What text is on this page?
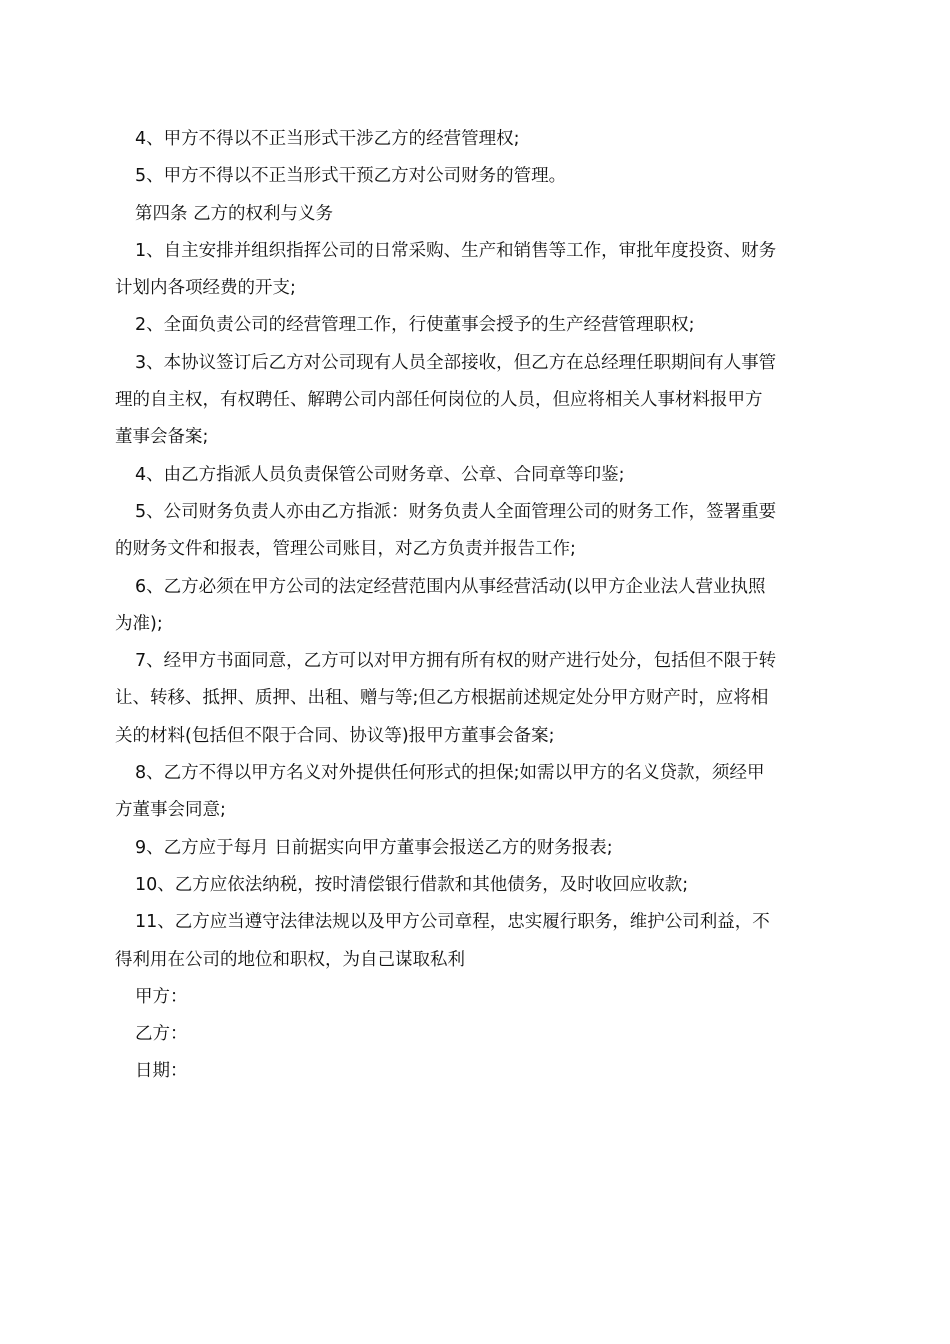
4、甲方不得以不正当形式干涉乙方的经营管理权;
5、甲方不得以不正当形式干预乙方对公司财务的管理。
第四条 乙方的权利与义务
1、自主安排并组织指挥公司的日常采购、生产和销售等工作，审批年度投资、财务
计划内各项经费的开支;
2、全面负责公司的经营管理工作，行使董事会授予的生产经营管理职权;
3、本协议签订后乙方对公司现有人员全部接收，但乙方在总经理任职期间有人事管
理的自主权，有权聘任、解聘公司内部任何岗位的人员，但应将相关人事材料报甲方
董事会备案;
4、由乙方指派人员负责保管公司财务章、公章、合同章等印鉴;
5、公司财务负责人亦由乙方指派：财务负责人全面管理公司的财务工作，签署重要
的财务文件和报表，管理公司账目，对乙方负责并报告工作;
6、乙方必须在甲方公司的法定经营范围内从事经营活动(以甲方企业法人营业执照
为准);
7、经甲方书面同意，乙方可以对甲方拥有所有权的财产进行处分，包括但不限于转
让、转移、抵押、质押、出租、赠与等;但乙方根据前述规定处分甲方财产时，应将相
关的材料(包括但不限于合同、协议等)报甲方董事会备案;
8、乙方不得以甲方名义对外提供任何形式的担保;如需以甲方的名义贷款，须经甲
方董事会同意;
9、乙方应于每月 日前据实向甲方董事会报送乙方的财务报表;
10、乙方应依法纳税，按时清偿银行借款和其他债务，及时收回应收款;
11、乙方应当遵守法律法规以及甲方公司章程，忠实履行职务，维护公司利益，不
得利用在公司的地位和职权，为自己谋取私利
甲方：
乙方：
日期：
